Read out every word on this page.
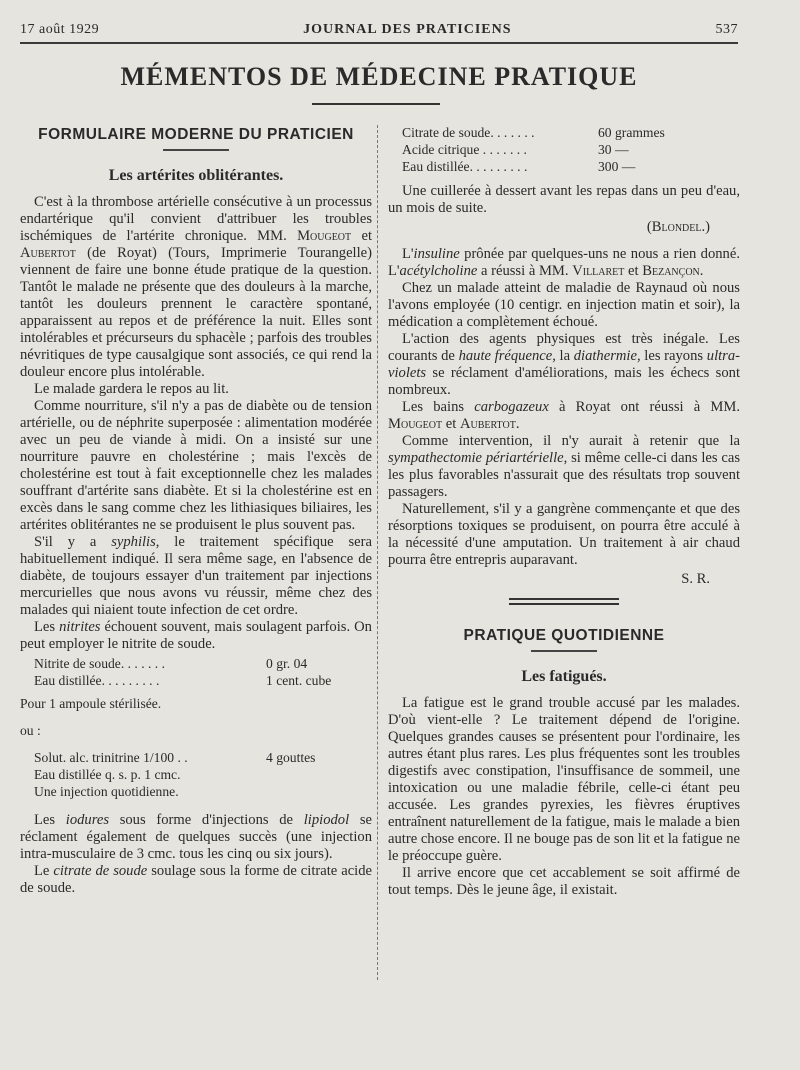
17 août 1929	JOURNAL DES PRATICIENS	537
MÉMENTOS DE MÉDECINE PRATIQUE
FORMULAIRE MODERNE DU PRATICIEN
Les artérites oblitérantes.

C'est à la thrombose artérielle consécutive à un processus endartérique qu'il convient d'attribuer les troubles ischémiques de l'artérite chronique. MM. Mougeot et Aubertot (de Royat) (Tours, Imprimerie Tourangelle) viennent de faire une bonne étude pratique de la question. Tantôt le malade ne présente que des douleurs à la marche, tantôt les douleurs prennent le caractère spontané, apparaissent au repos et de préférence la nuit. Elles sont intolérables et précurseurs du sphacèle ; parfois des troubles névritiques de type causalgique sont associés, ce qui rend la douleur encore plus intolérable.

Le malade gardera le repos au lit.

Comme nourriture, s'il n'y a pas de diabète ou de tension artérielle, ou de néphrite superposée : alimentation modérée avec un peu de viande à midi. On a insisté sur une nourriture pauvre en cholestérine ; mais l'excès de cholestérine est tout à fait exceptionnelle chez les malades souffrant d'artérite sans diabète. Et si la cholestérine est en excès dans le sang comme chez les lithiasiques biliaires, les artérites oblitérantes ne se produisent le plus souvent pas.

S'il y a syphilis, le traitement spécifique sera habituellement indiqué. Il sera même sage, en l'absence de diabète, de toujours essayer d'un traitement par injections mercurielles que nous avons vu réussir, même chez des malades qui niaient toute infection de cet ordre.

Les nitrites échouent souvent, mais soulagent parfois. On peut employer le nitrite de soude.

Nitrite de soude. . . . . . .	0 gr. 04
Eau distillée. . . . . . . . .	1 cent. cube
Pour 1 ampoule stérilisée.
ou :
Solut. alc. trinitrine 1/100 . .	4 gouttes
Eau distillée q. s. p. 1 cmc.
Une injection quotidienne.

Les iodures sous forme d'injections de lipiodol se réclament également de quelques succès (une injection intra-musculaire de 3 cmc. tous les cinq ou six jours).

Le citrate de soude soulage sous la forme de citrate acide de soude.

Citrate de soude. . . . . . .	60 grammes
Acide citrique . . . . . . .	30 —
Eau distillée. . . . . . . . .	300 —

Une cuillerée à dessert avant les repas dans un peu d'eau, un mois de suite.

(Blondel.)

L'insuline prônée par quelques-uns ne nous a rien donné. L'acétylcholine a réussi à MM. Villaret et Bezançon.

Chez un malade atteint de maladie de Raynaud où nous l'avons employée (10 centigr. en injection matin et soir), la médication a complètement échoué.

L'action des agents physiques est très inégale. Les courants de haute fréquence, la diathermie, les rayons ultra-violets se réclament d'améliorations, mais les échecs sont nombreux.

Les bains carbogazeux à Royat ont réussi à MM. Mougeot et Aubertot.

Comme intervention, il n'y aurait à retenir que la sympathectomie périartérielle, si même celle-ci dans les cas les plus favorables n'assurait que des résultats trop souvent passagers.

Naturellement, s'il y a gangrène commençante et que des résorptions toxiques se produisent, on pourra être acculé à la nécessité d'une amputation. Un traitement à air chaud pourra être entrepris auparavant.

S. R.
PRATIQUE QUOTIDIENNE
Les fatigués.

La fatigue est le grand trouble accusé par les malades. D'où vient-elle ? Le traitement dépend de l'origine. Quelques grandes causes se présentent pour l'ordinaire, les autres étant plus rares. Les plus fréquentes sont les troubles digestifs avec constipation, l'insuffisance de sommeil, une intoxication ou une maladie fébrile, celle-ci étant peu accusée. Les grandes pyrexies, les fièvres éruptives entraînent naturellement de la fatigue, mais le malade a bien autre chose encore. Il ne bouge pas de son lit et la fatigue ne le préoccupe guère.

Il arrive encore que cet accablement se soit affirmé de tout temps. Dès le jeune âge, il existait.
